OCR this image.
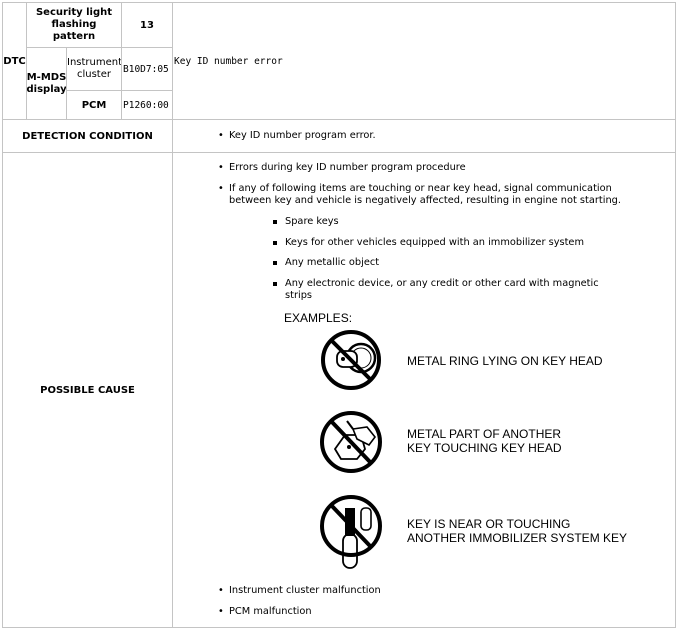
DTC
Security light flashing pattern
13
M-MDS display
Instrument cluster	B10D7:05
PCM P1260:00
Key ID number error
DETECTION CONDITION
•	Key ID number program error.
POSSIBLE CAUSE
• Errors during key ID number program procedure
• If any of following items are touching or near key head, signal communication between key and vehicle is negatively affected, resulting in engine not starting.
Spare keys
Keys for other vehicles equipped with an immobilizer system
Any metallic object
Any electronic device, or any credit or other card with magnetic strips
EXAMPLES:
METAL RING LYING ON KEY HEAD
METAL PART OF ANOTHER
KEY TOUCHING KEY HEAD
KEY IS NEAR OR TOUCHING
ANOTHER IMMOBILIZER SYSTEM KEY
• Instrument cluster malfunction
• PCM malfunction
